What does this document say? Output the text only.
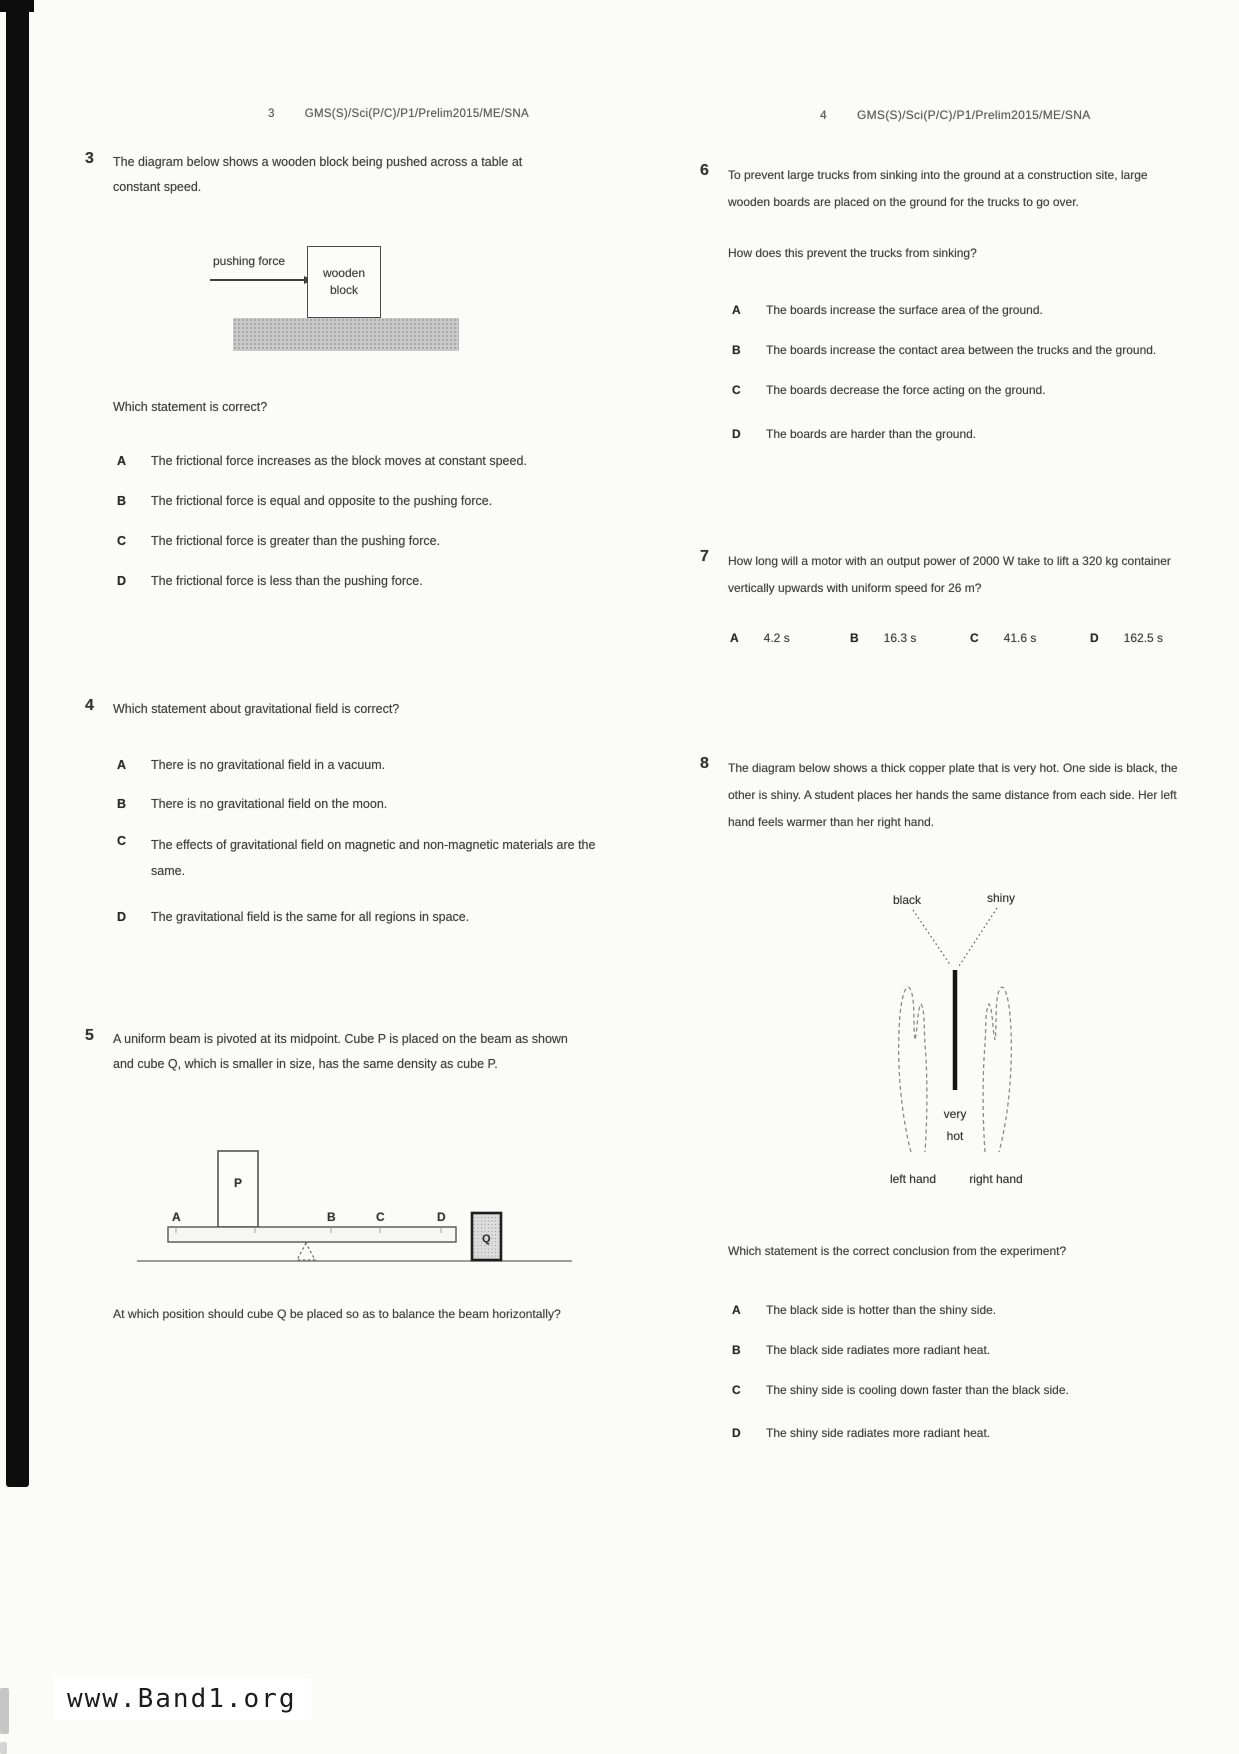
3	GMS(S)/Sci(P/C)/P1/Prelim2015/ME/SNA
3	The diagram below shows a wooden block being pushed across a table at constant speed.
pushing force
wooden
block
Which statement is correct?
A	The frictional force increases as the block moves at constant speed.
B	The frictional force is equal and opposite to the pushing force.
C	The frictional force is greater than the pushing force.
D	The frictional force is less than the pushing force.
4	Which statement about gravitational field is correct?
A	There is no gravitational field in a vacuum.
B	There is no gravitational field on the moon.
C	The effects of gravitational field on magnetic and non-magnetic materials are the same.
D	The gravitational field is the same for all regions in space.
5	A uniform beam is pivoted at its midpoint. Cube P is placed on the beam as shown and cube Q, which is smaller in size, has the same density as cube P.
P
A	B	C	D
Q
At which position should cube Q be placed so as to balance the beam horizontally?
4	GMS(S)/Sci(P/C)/P1/Prelim2015/ME/SNA
6	To prevent large trucks from sinking into the ground at a construction site, large wooden boards are placed on the ground for the trucks to go over.
How does this prevent the trucks from sinking?
A	The boards increase the surface area of the ground.
B	The boards increase the contact area between the trucks and the ground.
C	The boards decrease the force acting on the ground.
D	The boards are harder than the ground.
7	How long will a motor with an output power of 2000 W take to lift a 320 kg container vertically upwards with uniform speed for 26 m?
A 4.2 s	B 16.3 s	C 41.6 s	D 162.5 s
8	The diagram below shows a thick copper plate that is very hot. One side is black, the other is shiny. A student places her hands the same distance from each side. Her left hand feels warmer than her right hand.
black	shiny
very
hot
left hand	right hand
Which statement is the correct conclusion from the experiment?
A	The black side is hotter than the shiny side.
B	The black side radiates more radiant heat.
C	The shiny side is cooling down faster than the black side.
D	The shiny side radiates more radiant heat.
www.Band1.org
